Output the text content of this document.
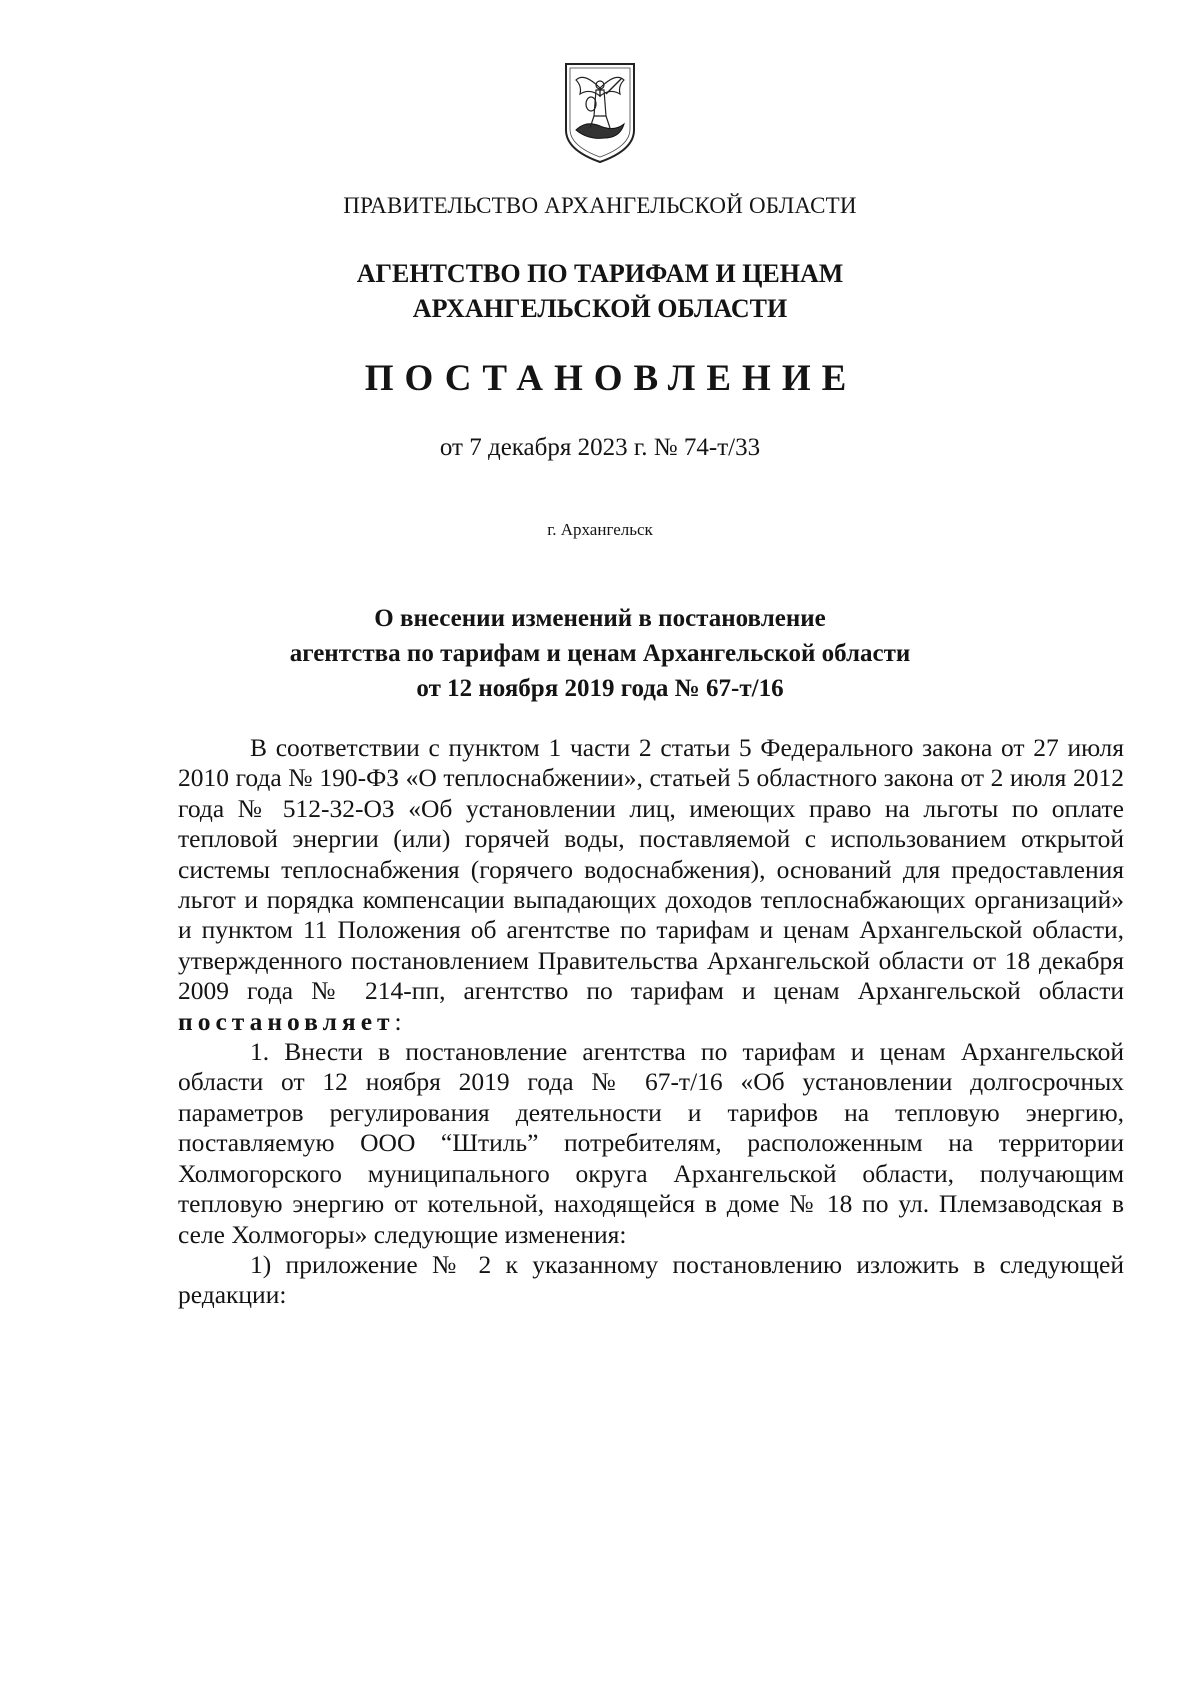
ПРАВИТЕЛЬСТВО АРХАНГЕЛЬСКОЙ ОБЛАСТИ
АГЕНТСТВО ПО ТАРИФАМ И ЦЕНАМ
АРХАНГЕЛЬСКОЙ ОБЛАСТИ
ПОСТАНОВЛЕНИЕ
от 7 декабря 2023 г. № 74-т/33
г. Архангельск
О внесении изменений в постановление
агентства по тарифам и ценам Архангельской области
от 12 ноября 2019 года № 67-т/16

В соответствии с пунктом 1 части 2 статьи 5 Федерального закона от 27 июля 2010 года № 190-ФЗ «О теплоснабжении», статьей 5 областного закона от 2 июля 2012 года № 512-32-ОЗ «Об установлении лиц, имеющих право на льготы по оплате тепловой энергии (или) горячей воды, поставляемой с использованием открытой системы теплоснабжения (горячего водоснабжения), оснований для предоставления льгот и порядка компенсации выпадающих доходов теплоснабжающих организаций» и пунктом 11 Положения об агентстве по тарифам и ценам Архангельской области, утвержденного постановлением Правительства Архангельской области от 18 декабря 2009 года № 214-пп, агентство по тарифам и ценам Архангельской области постановляет:

1. Внести в постановление агентства по тарифам и ценам Архангельской области от 12 ноября 2019 года № 67-т/16 «Об установлении долгосрочных параметров регулирования деятельности и тарифов на тепловую энергию, поставляемую ООО “Штиль” потребителям, расположенным на территории Холмогорского муниципального округа Архангельской области, получающим тепловую энергию от котельной, находящейся в доме № 18 по ул. Племзаводская в селе Холмогоры» следующие изменения:

1) приложение № 2 к указанному постановлению изложить в следующей редакции:
